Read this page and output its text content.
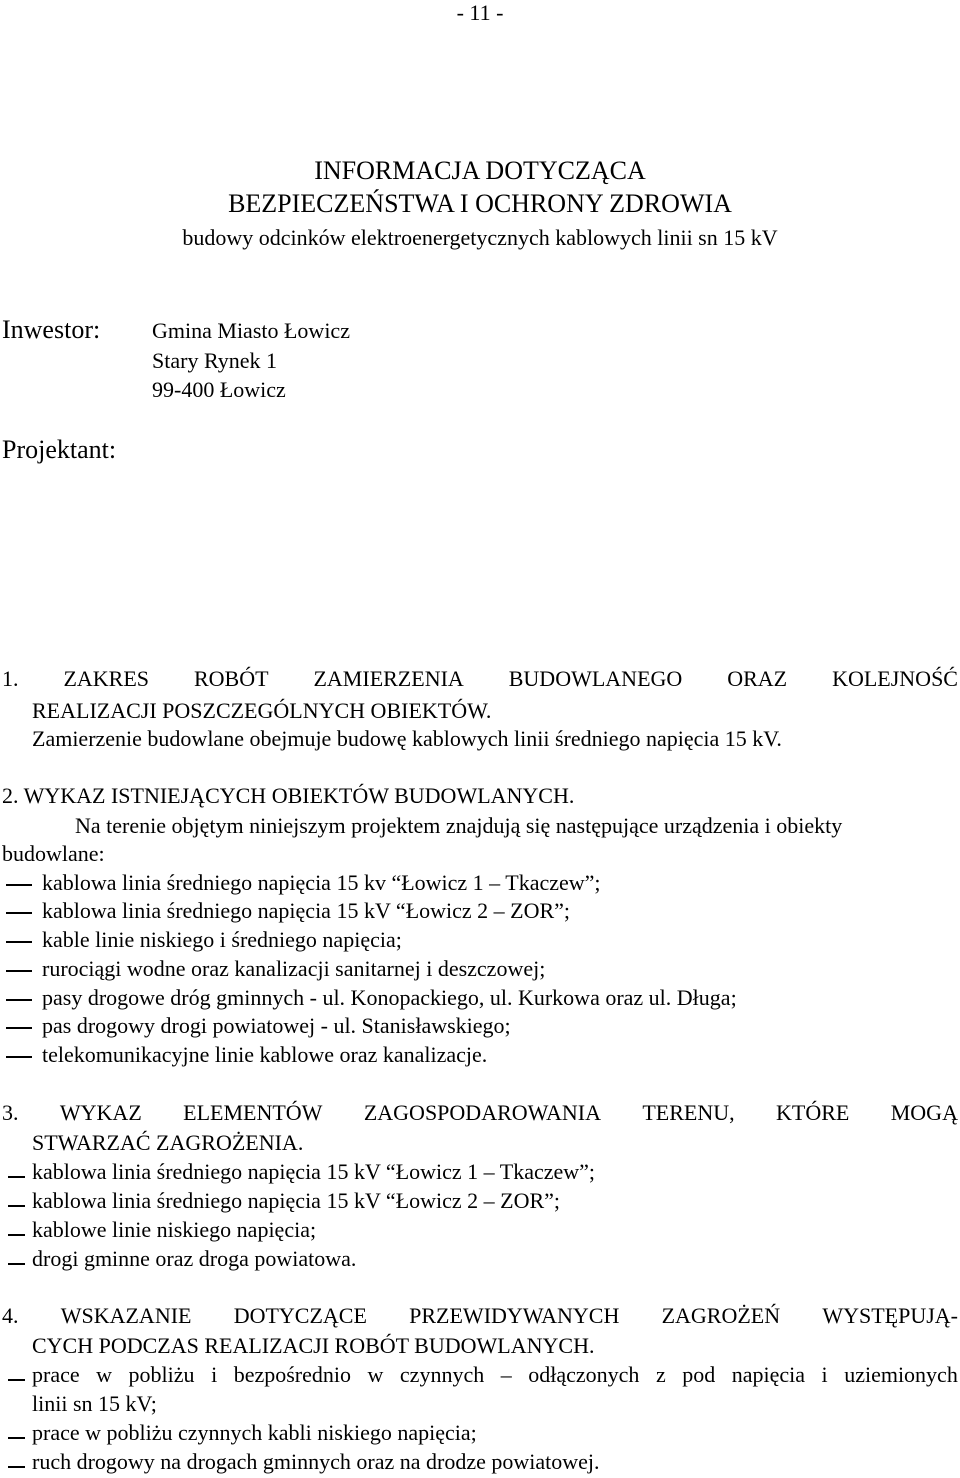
- 11 -
INFORMACJA DOTYCZĄCA
BEZPIECZEŃSTWA I OCHRONY ZDROWIA
budowy odcinków elektroenergetycznych kablowych linii sn 15 kV
Inwestor: Gmina Miasto Łowicz
Stary Rynek 1
99-400 Łowicz
Projektant:
1. ZAKRES ROBÓT ZAMIERZENIA BUDOWLANEGO ORAZ KOLEJNOŚĆ
REALIZACJI POSZCZEGÓLNYCH OBIEKTÓW.
Zamierzenie budowlane obejmuje budowę kablowych linii średniego napięcia 15 kV.
2. WYKAZ ISTNIEJĄCYCH OBIEKTÓW BUDOWLANYCH.
Na terenie objętym niniejszym projektem znajdują się następujące urządzenia i obiekty
budowlane:
kablowa linia średniego napięcia 15 kv “Łowicz 1 – Tkaczew”;
kablowa linia średniego napięcia 15 kV “Łowicz 2 – ZOR”;
kable linie niskiego i średniego napięcia;
rurociągi wodne oraz kanalizacji sanitarnej i deszczowej;
pasy drogowe dróg gminnych - ul. Konopackiego, ul. Kurkowa oraz ul. Długa;
pas drogowy drogi powiatowej - ul. Stanisławskiego;
telekomunikacyjne linie kablowe oraz kanalizacje.
3. WYKAZ ELEMENTÓW ZAGOSPODAROWANIA TERENU, KTÓRE MOGĄ
STWARZAĆ ZAGROŻENIA.
kablowa linia średniego napięcia 15 kV “Łowicz 1 – Tkaczew”;
kablowa linia średniego napięcia 15 kV “Łowicz 2 – ZOR”;
kablowe linie niskiego napięcia;
drogi gminne oraz droga powiatowa.
4. WSKAZANIE DOTYCZĄCE PRZEWIDYWANYCH ZAGROŻEŃ WYSTĘPUJĄ-
CYCH PODCZAS REALIZACJI ROBÓT BUDOWLANYCH.
prace w pobliżu i bezpośrednio w czynnych – odłączonych z pod napięcia i uziemionych
linii sn 15 kV;
prace w pobliżu czynnych kabli niskiego napięcia;
ruch drogowy na drogach gminnych oraz na drodze powiatowej.
